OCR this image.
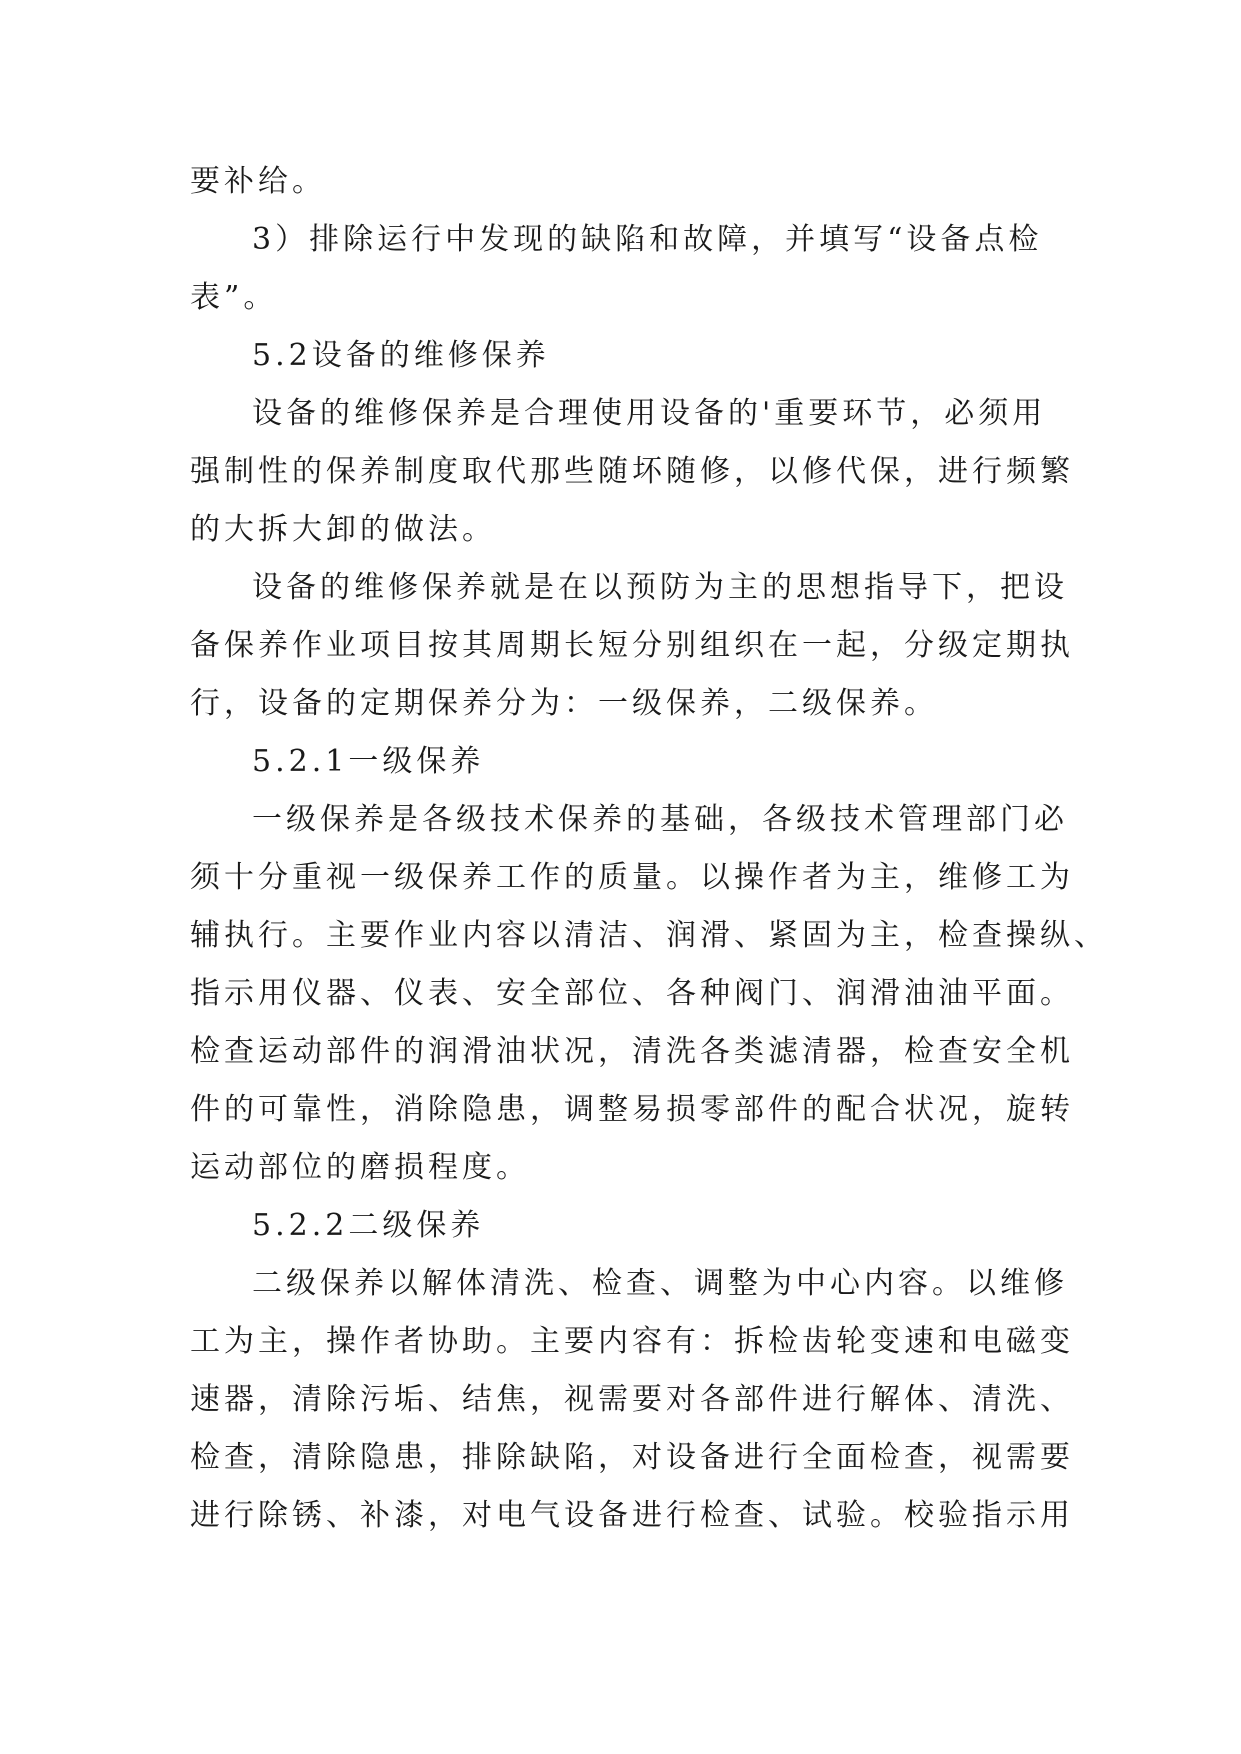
要补给。
3）排除运行中发现的缺陷和故障，并填写“设备点检
表”。
5.2设备的维修保养
设备的维修保养是合理使用设备的'重要环节，必须用
强制性的保养制度取代那些随坏随修，以修代保，进行频繁
的大拆大卸的做法。
设备的维修保养就是在以预防为主的思想指导下，把设
备保养作业项目按其周期长短分别组织在一起，分级定期执
行，设备的定期保养分为：一级保养，二级保养。
5.2.1一级保养
一级保养是各级技术保养的基础，各级技术管理部门必
须十分重视一级保养工作的质量。以操作者为主，维修工为
辅执行。主要作业内容以清洁、润滑、紧固为主，检查操纵、
指示用仪器、仪表、安全部位、各种阀门、润滑油油平面。
检查运动部件的润滑油状况，清洗各类滤清器，检查安全机
件的可靠性，消除隐患，调整易损零部件的配合状况，旋转
运动部位的磨损程度。
5.2.2二级保养
二级保养以解体清洗、检查、调整为中心内容。以维修
工为主，操作者协助。主要内容有：拆检齿轮变速和电磁变
速器，清除污垢、结焦，视需要对各部件进行解体、清洗、
检查，清除隐患，排除缺陷，对设备进行全面检查，视需要
进行除锈、补漆，对电气设备进行检查、试验。校验指示用
